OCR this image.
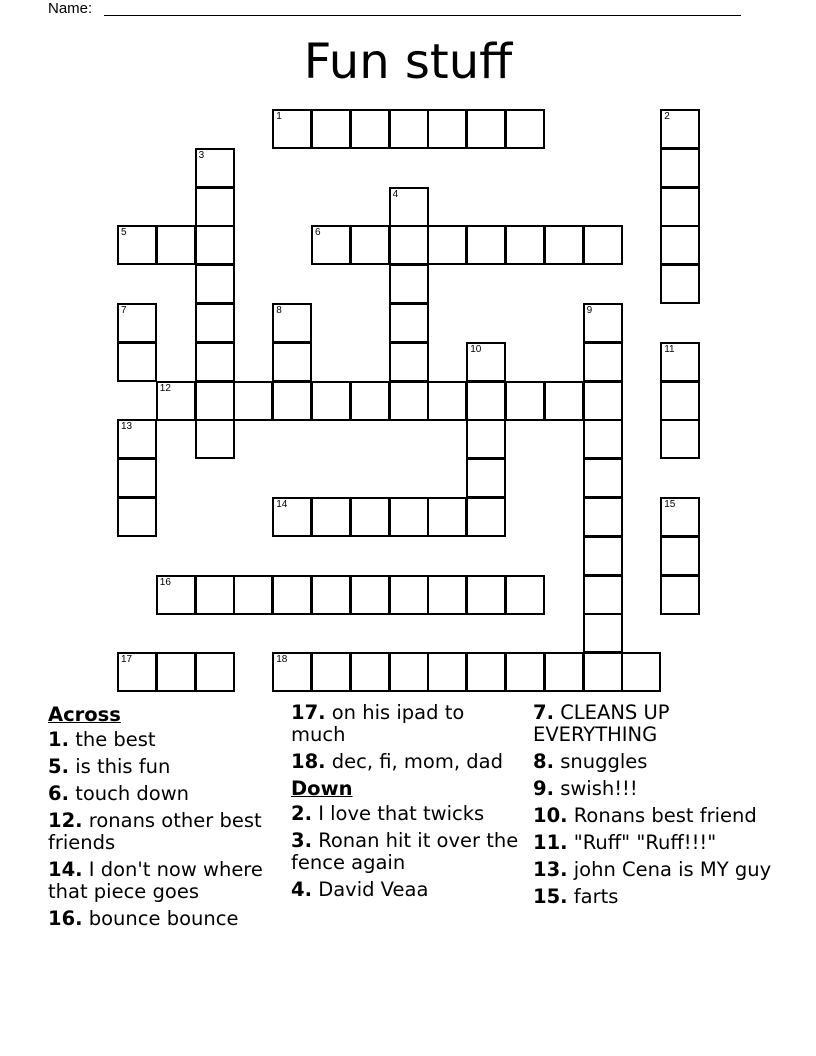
Name:
Fun stuff
1
5	6
12
14
16
17	18
2
3
4
7	8	9
10	11
13
15
Across
1. the best
5. is this fun
6. touch down
12. ronans other best friends
14. I don't now where that piece goes
16. bounce bounce
17. on his ipad to much
18. dec, fi, mom, dad
Down
2. I love that twicks
3. Ronan hit it over the fence again
4. David Veaa
7. CLEANS UP EVERYTHING
8. snuggles
9. swish!!!
10. Ronans best friend
11. "Ruff" "Ruff!!!"
13. john Cena is MY guy
15. farts
